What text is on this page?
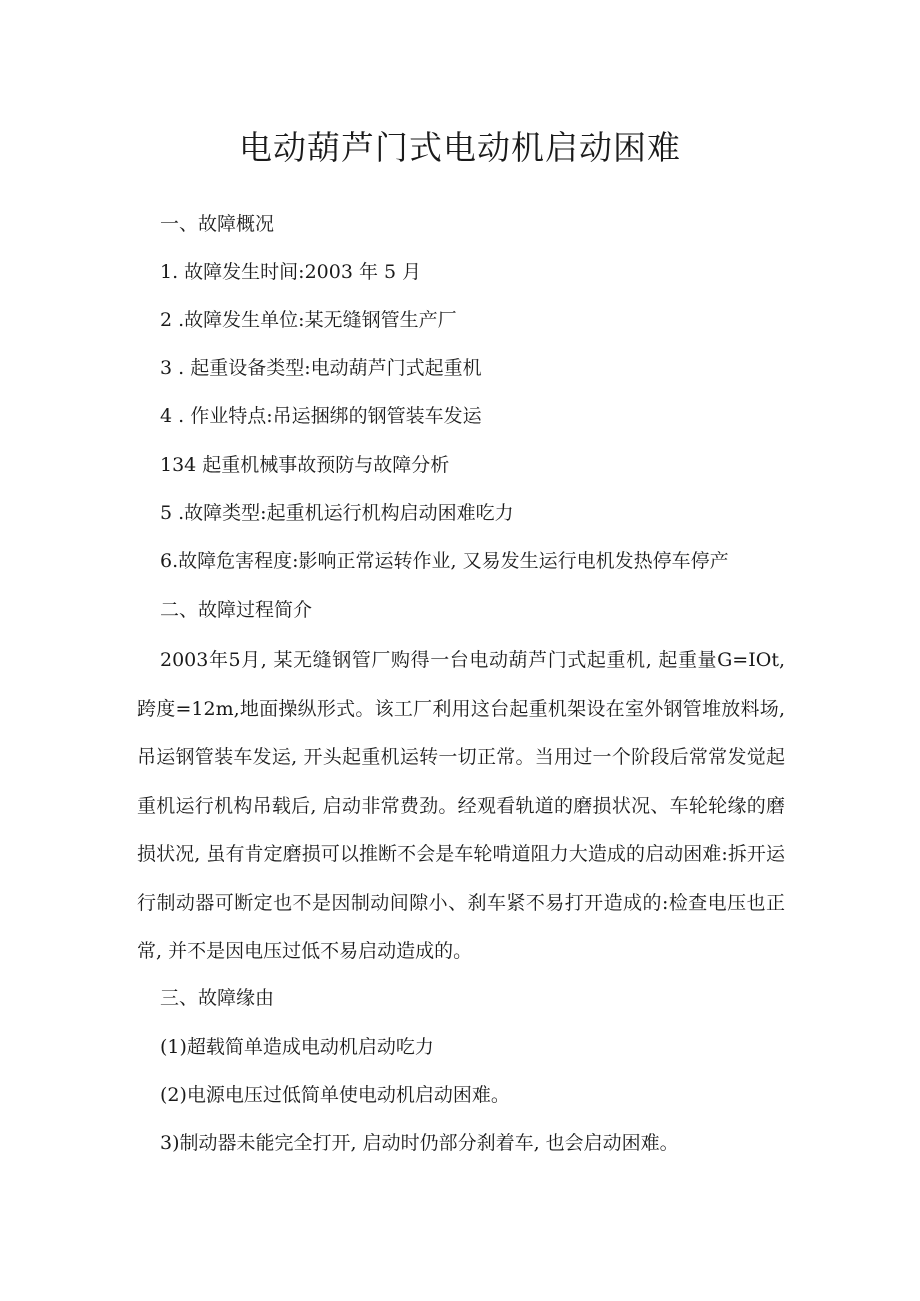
电动葫芦门式电动机启动困难
一、故障概况
1. 故障发生时间:2003 年 5 月
2 .故障发生单位:某无缝钢管生产厂
3 . 起重设备类型:电动葫芦门式起重机
4 . 作业特点:吊运捆绑的钢管装车发运
134 起重机械事故预防与故障分析
5 .故障类型:起重机运行机构启动困难吃力
6.故障危害程度:影响正常运转作业, 又易发生运行电机发热停车停产
二、故障过程简介

2003年5月, 某无缝钢管厂购得一台电动葫芦门式起重机, 起重量G=IOt, 跨度=12m,地面操纵形式。该工厂利用这台起重机架设在室外钢管堆放料场, 吊运钢管装车发运, 开头起重机运转一切正常。当用过一个阶段后常常发觉起重机运行机构吊载后, 启动非常费劲。经观看轨道的磨损状况、车轮轮缘的磨损状况, 虽有肯定磨损可以推断不会是车轮啃道阻力大造成的启动困难:拆开运行制动器可断定也不是因制动间隙小、刹车紧不易打开造成的:检查电压也正常, 并不是因电压过低不易启动造成的。

三、故障缘由
(1)超载简单造成电动机启动吃力
(2)电源电压过低简单使电动机启动困难。
3)制动器未能完全打开, 启动时仍部分刹着车, 也会启动困难。
